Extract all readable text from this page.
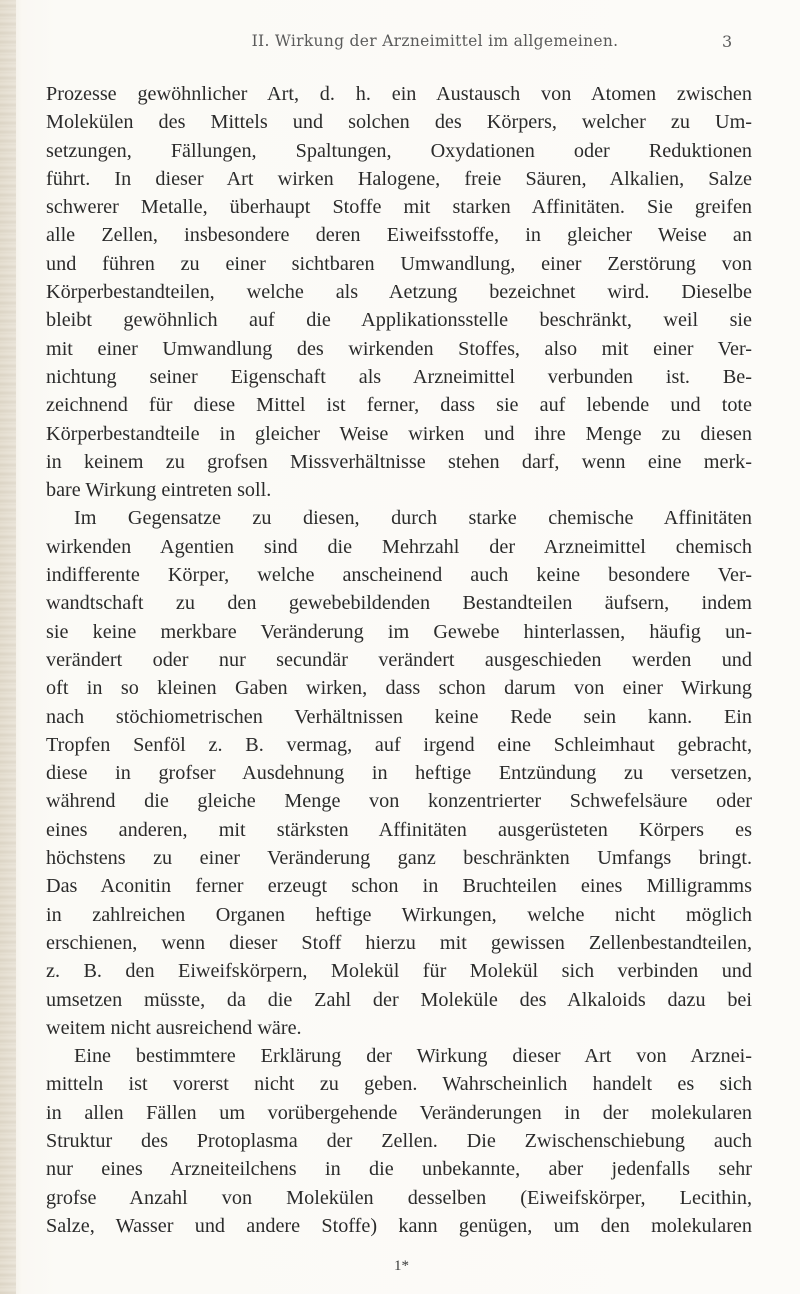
II. Wirkung der Arzneimittel im allgemeinen.	3
Prozesse gewöhnlicher Art, d. h. ein Austausch von Atomen zwischen
Molekülen des Mittels und solchen des Körpers, welcher zu Um-
setzungen, Fällungen, Spaltungen, Oxydationen oder Reduktionen
führt. In dieser Art wirken Halogene, freie Säuren, Alkalien, Salze
schwerer Metalle, überhaupt Stoffe mit starken Affinitäten. Sie greifen
alle Zellen, insbesondere deren Eiweifsstoffe, in gleicher Weise an
und führen zu einer sichtbaren Umwandlung, einer Zerstörung von
Körperbestandteilen, welche als Aetzung bezeichnet wird. Dieselbe
bleibt gewöhnlich auf die Applikationsstelle beschränkt, weil sie
mit einer Umwandlung des wirkenden Stoffes, also mit einer Ver-
nichtung seiner Eigenschaft als Arzneimittel verbunden ist. Be-
zeichnend für diese Mittel ist ferner, dass sie auf lebende und tote
Körperbestandteile in gleicher Weise wirken und ihre Menge zu diesen
in keinem zu grofsen Missverhältnisse stehen darf, wenn eine merk-
bare Wirkung eintreten soll.
Im Gegensatze zu diesen, durch starke chemische Affinitäten
wirkenden Agentien sind die Mehrzahl der Arzneimittel chemisch
indifferente Körper, welche anscheinend auch keine besondere Ver-
wandtschaft zu den gewebebildenden Bestandteilen äufsern, indem
sie keine merkbare Veränderung im Gewebe hinterlassen, häufig un-
verändert oder nur secundär verändert ausgeschieden werden und
oft in so kleinen Gaben wirken, dass schon darum von einer Wirkung
nach stöchiometrischen Verhältnissen keine Rede sein kann. Ein
Tropfen Senföl z. B. vermag, auf irgend eine Schleimhaut gebracht,
diese in grofser Ausdehnung in heftige Entzündung zu versetzen,
während die gleiche Menge von konzentrierter Schwefelsäure oder
eines anderen, mit stärksten Affinitäten ausgerüsteten Körpers es
höchstens zu einer Veränderung ganz beschränkten Umfangs bringt.
Das Aconitin ferner erzeugt schon in Bruchteilen eines Milligramms
in zahlreichen Organen heftige Wirkungen, welche nicht möglich
erschienen, wenn dieser Stoff hierzu mit gewissen Zellenbestandteilen,
z. B. den Eiweifskörpern, Molekül für Molekül sich verbinden und
umsetzen müsste, da die Zahl der Moleküle des Alkaloids dazu bei
weitem nicht ausreichend wäre.
Eine bestimmtere Erklärung der Wirkung dieser Art von Arznei-
mitteln ist vorerst nicht zu geben. Wahrscheinlich handelt es sich
in allen Fällen um vorübergehende Veränderungen in der molekularen
Struktur des Protoplasma der Zellen. Die Zwischenschiebung auch
nur eines Arzneiteilchens in die unbekannte, aber jedenfalls sehr
grofse Anzahl von Molekülen desselben (Eiweifskörper, Lecithin,
Salze, Wasser und andere Stoffe) kann genügen, um den molekularen
1*
